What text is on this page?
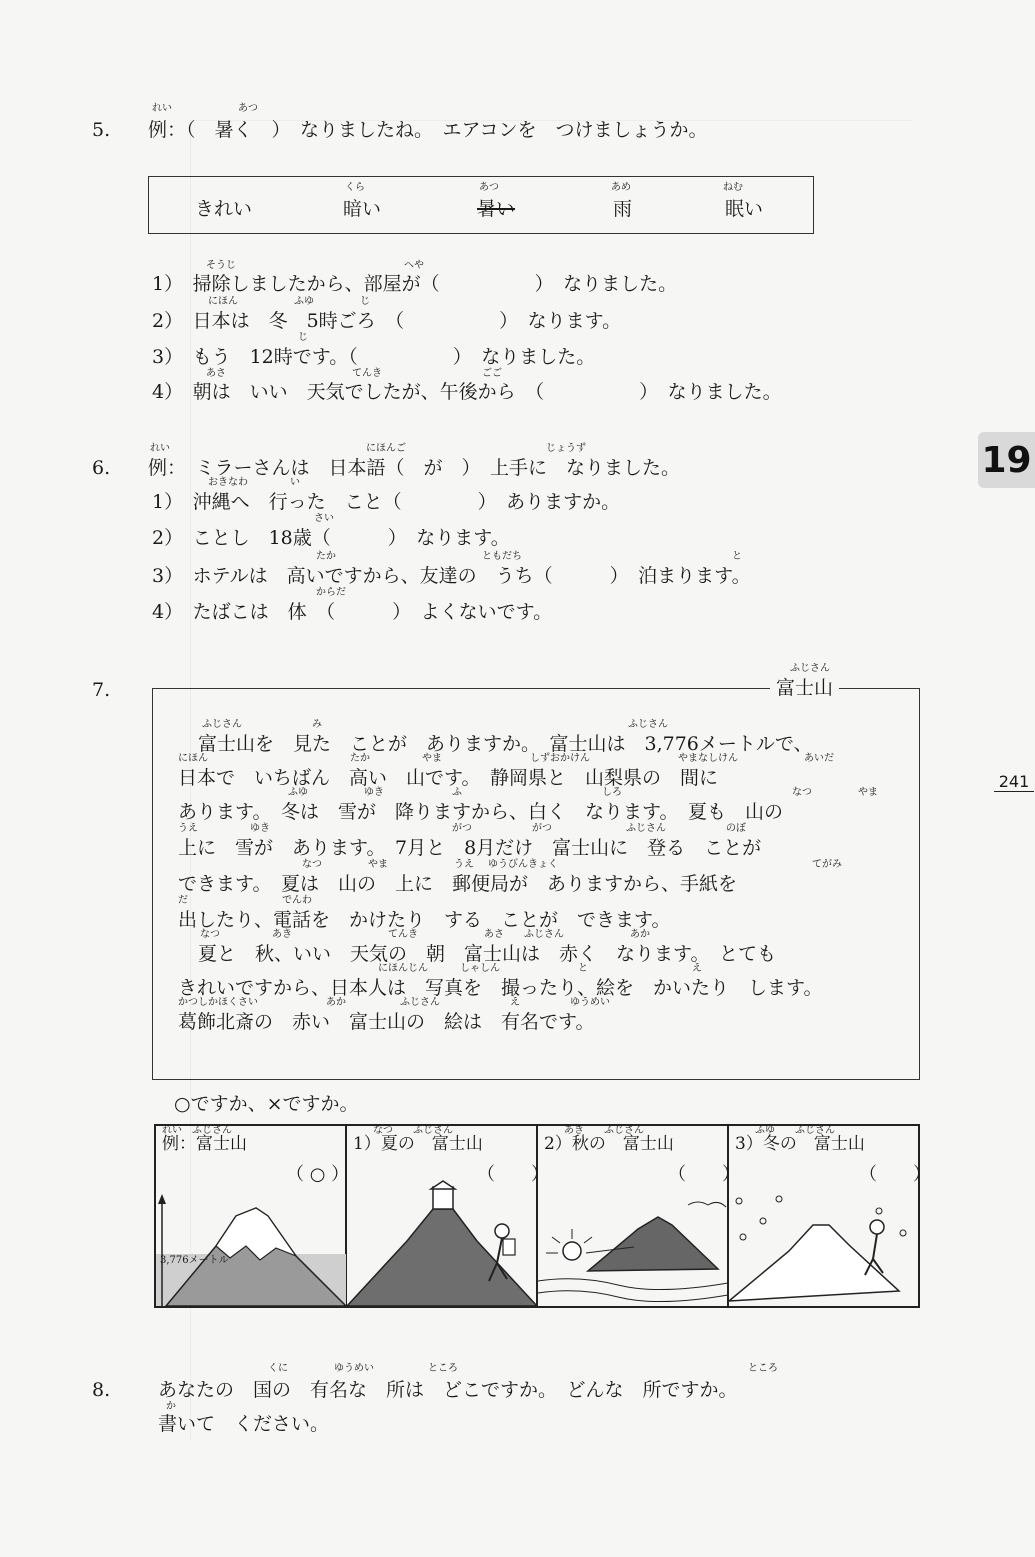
19
241
5.
れい	あつ
例：（　暑く　）　なりましたね。　エアコンを　つけましょうか。
きれい
くら
暗い
あつ
暑い
あめ
雨
ねむ
眠い
そうじ	へや
1）　掃除しましたから、部屋が（　　　　　）　なりました。
にほん	ふゆ	じ
2）　日本は　冬　5時ごろ　（　　　　　）　なります。
じ
3）　もう　12時です。（　　　　　）　なりました。
あさ	てんき	ごご
4）　朝は　いい　天気でしたが、午後から　（　　　　　）　なりました。
6.
れい	にほんご	じょうず
例：　ミラーさんは　日本語（　が　）　上手に　なりました。
おきなわ	い
1）　沖縄へ　行った　こと（　　　　）　ありますか。
さい
2）　ことし　18歳（　　　）　なります。
たか	ともだち	と
3）　ホテルは　高いですから、友達の　うち（　　　）　泊まります。
からだ
4）　たばこは　体　（　　　）　よくないです。
7.
ふじさん
富士山
ふじさん	み	ふじさん
富士山を　見た　ことが　ありますか。　富士山は　3,776メートルで、
にほん	たか	やま	しずおかけん	やまなしけん	あいだ
日本で　いちばん　高い　山です。　静岡県と　山梨県の　間に
ふゆ	ゆき	ふ	しろ	なつ	やま
あります。　冬は　雪が　降りますから、白く　なります。　夏も　山の
うえ	ゆき	がつ	がつ	ふじさん	のぼ
上に　雪が　あります。　7月と　8月だけ　富士山に　登る　ことが
なつ	やま	うえ ゆうびんきょく	てがみ
できます。　夏は　山の　上に　郵便局が　ありますから、手紙を
だ	でんわ
出したり、電話を　かけたり　する　ことが　できます。
なつ	あき	てんき	あさ ふじさん	あか
夏と　秋、いい　天気の　朝　富士山は　赤く　なります。　とても
にほんじん	しゃしん	と	え
きれいですから、日本人は　写真を　撮ったり、絵を　かいたり　します。
かつしかほくさい	あか	ふじさん	え	ゆうめい
葛飾北斎の　赤い　富士山の　絵は　有名です。
○ですか、×ですか。
れい　ふじさん
例：富士山
（ ○ ）
3,776メートル
なつ　　ふじさん
1）夏の　富士山
（　　）
あき　　ふじさん
2）秋の　富士山
（　　）
ふゆ　　ふじさん
3）冬の　富士山
（　　）
8.
くに	ゆうめい	ところ	ところ
あなたの　国の　有名な　所は　どこですか。　どんな　所ですか。
か
書いて　ください。
